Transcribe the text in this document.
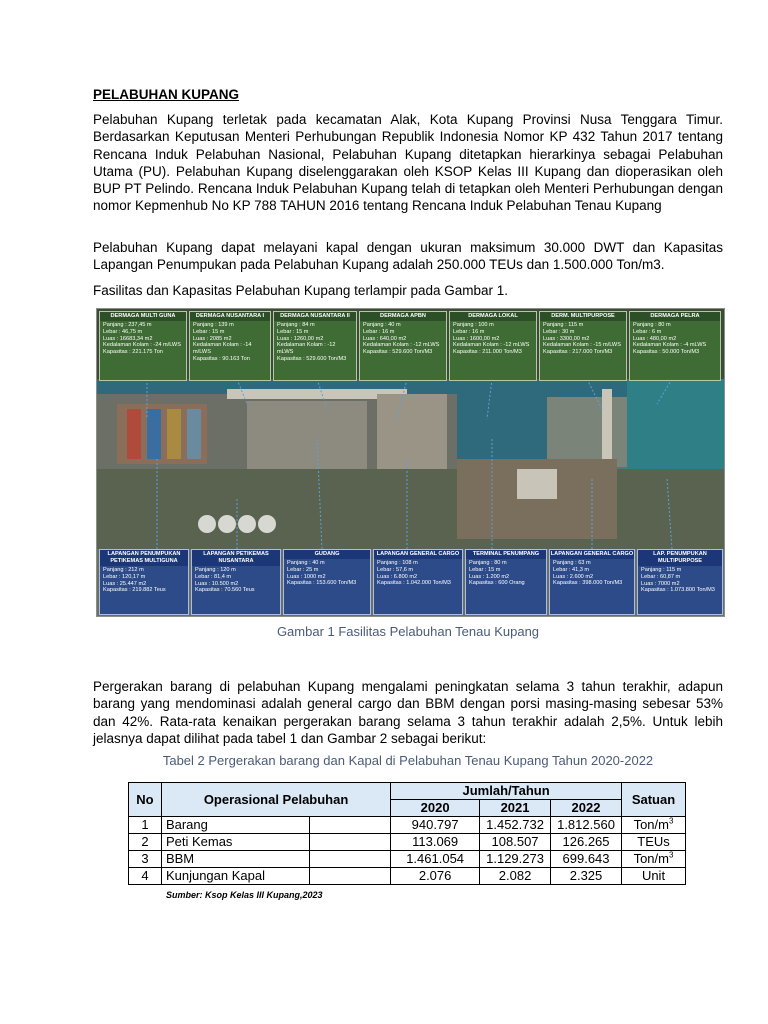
PELABUHAN KUPANG

Pelabuhan Kupang terletak pada kecamatan Alak, Kota Kupang Provinsi Nusa Tenggara Timur. Berdasarkan Keputusan Menteri Perhubungan Republik Indonesia Nomor KP 432 Tahun 2017 tentang Rencana Induk Pelabuhan Nasional, Pelabuhan Kupang ditetapkan hierarkinya sebagai Pelabuhan Utama (PU). Pelabuhan Kupang diselenggarakan oleh KSOP Kelas III Kupang dan dioperasikan oleh BUP PT Pelindo. Rencana Induk Pelabuhan Kupang telah di tetapkan oleh Menteri Perhubungan dengan nomor Kepmenhub No KP 788 TAHUN 2016 tentang Rencana Induk Pelabuhan Tenau Kupang

Pelabuhan Kupang dapat melayani kapal dengan ukuran maksimum 30.000 DWT dan Kapasitas Lapangan Penumpukan pada Pelabuhan Kupang adalah 250.000 TEUs dan 1.500.000 Ton/m3.

Fasilitas dan Kapasitas Pelabuhan Kupang terlampir pada Gambar 1.

DERMAGA MULTI GUNA
Panjang : 237,45 m
Lebar : 46,75 m
Luas : 16683,34 m2
Kedalaman Kolam : -24 m/LWS
Kapasitas : 221.175 Ton
DERMAGA NUSANTARA I
Panjang : 139 m
Lebar : 15 m
Luas : 2085 m2
Kedalaman Kolam : -14 m/LWS
Kapasitas : 90.163 Ton
DERMAGA NUSANTARA II
Panjang : 84 m
Lebar : 15 m
Luas : 1260,00 m2
Kedalaman Kolam : -12 mLWS
Kapasitas : 529.600 Ton/M3
DERMAGA APBN
Panjang : 40 m
Lebar : 16 m
Luas : 640,00 m2
Kedalaman Kolam : -12 mLWS
Kapasitas : 529.600 Ton/M3
DERMAGA LOKAL
Panjang : 100 m
Lebar : 16 m
Luas : 1600,00 m2
Kedalaman Kolam : -12 mLWS
Kapasitas : 211.000 Ton/M3
DERM. MULTIPURPOSE
Panjang : 115 m
Lebar : 30 m
Luas : 3300,00 m2
Kedalaman Kolam : -15 m/LWS
Kapasitas : 217.000 Ton/M3
DERMAGA PELRA
Panjang : 80 m
Lebar : 6 m
Luas : 480,00 m2
Kedalaman Kolam : -4 mLWS
Kapasitas : 50.000 Ton/M3
LAPANGAN PENUMPUKAN PETIKEMAS MULTIGUNA
Panjang : 212 m
Lebar : 120,17 m
Luas : 25.447 m2
Kapasitas : 219.882 Teus
LAPANGAN PETIKEMAS NUSANTARA
Panjang : 120 m
Lebar : 81,4 m
Luas : 10.500 m2
Kapasitas : 70.560 Teus
GUDANG
Panjang : 40 m
Lebar : 25 m
Luas : 1000 m2
Kapasitas : 153.600 Ton/M3
LAPANGAN GENERAL CARGO
Panjang : 108 m
Lebar : 57,6 m
Luas : 6.800 m2
Kapasitas : 1.042.000 Ton/M3
TERMINAL PENUMPANG
Panjang : 80 m
Lebar : 15 m
Luas : 1.200 m2
Kapasitas : 600 Orang
LAPANGAN GENERAL CARGO
Panjang : 63 m
Lebar : 41,3 m
Luas : 2.600 m2
Kapasitas : 398.000 Ton/M3
LAP. PENUMPUKAN MULTIPURPOSE
Panjang : 115 m
Lebar : 60,87 m
Luas : 7000 m2
Kapasitas : 1.073.800 Ton/M3
Gambar 1 Fasilitas Pelabuhan Tenau Kupang

Pergerakan barang di pelabuhan Kupang mengalami peningkatan selama 3 tahun terakhir, adapun barang yang mendominasi adalah general cargo dan BBM dengan porsi masing-masing sebesar 53% dan 42%. Rata-rata kenaikan pergerakan barang selama 3 tahun terakhir adalah 2,5%. Untuk lebih jelasnya dapat dilihat pada tabel 1 dan Gambar 2 sebagai berikut:

Tabel 2 Pergerakan barang dan Kapal di Pelabuhan Tenau Kupang Tahun 2020-2022
No	Operasional Pelabuhan		Jumlah/Tahun			Satuan
			2020	2021	2022	
1	Barang		940.797	1.452.732	1.812.560	Ton/$m^3$
2	Peti Kemas		113.069	108.507	126.265	TEUs
3	BBM		1.461.054	1.129.273	699.643	Ton/$m^3$
4	Kunjungan Kapal		2.076	2.082	2.325	Unit
Sumber: Ksop Kelas III Kupang,2023
